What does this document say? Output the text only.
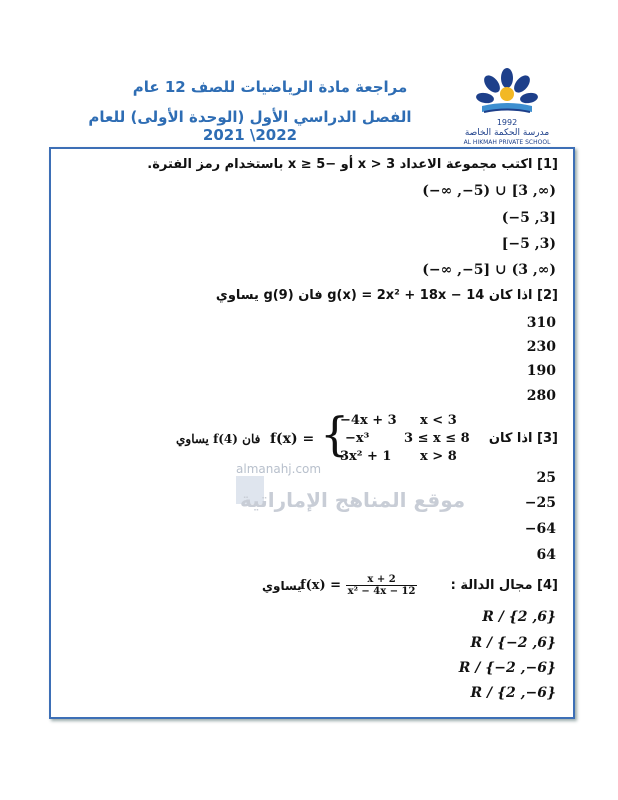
مراجعة مادة الرياضيات للصف 12 عام
الفصل الدراسي الأول (الوحدة الأولى) للعام 2022\ 2021
1992
مدرسة الحكمة الخاصة
AL HIKMAH PRIVATE SCHOOL
[1] اكتب مجموعة الاعداد 3 < x أو −5 ≤ x باستخدام رمز الفترة.
(−∞ ,−5) ∪ [3 ,∞)
(−5 ,3]
[−5 ,3)
(−∞ ,−5] ∪ (3 ,∞)
[2] اذا كان g(x) = 2x² + 18x − 14 فان g(9) يساوي
310
230
190
280
[3] اذا كان
فان f(4) يساوي f(x) = {
−4x + 3 x < 3
−x³	3 ≤ x ≤ 8
3x² + 1 x > 8
25
−25
−64
64
almanahj.com
موقع المناهج الإماراتية
[4] مجال الدالة :
$f(x) = \frac{x + 2}{\text{x² − 4x − 12}}$
يساوي
R / {2 ,6}
R / {−2 ,6}
R / {−2 ,−6}
R / {2 ,−6}
